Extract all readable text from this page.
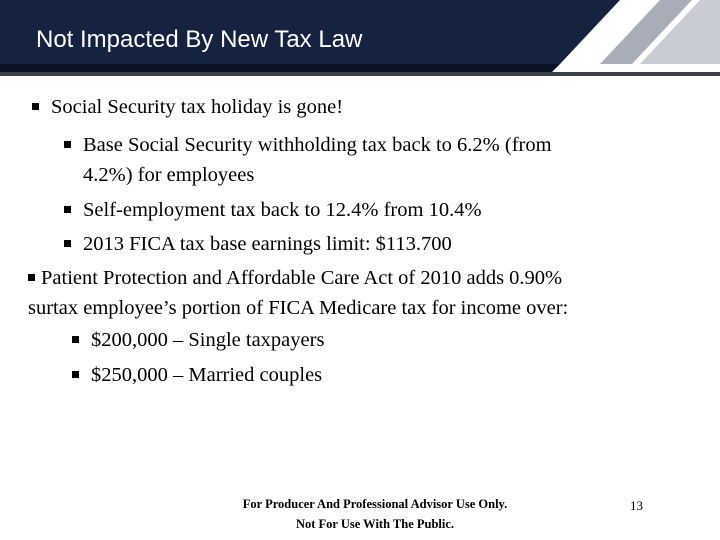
Not Impacted By New Tax Law
Social Security tax holiday is gone!
Base Social Security withholding tax back to 6.2% (from
4.2%) for employees
Self-employment tax back to 12.4% from 10.4%
2013 FICA tax base earnings limit: $113.700
Patient Protection and Affordable Care Act of 2010 adds 0.90%
surtax employee’s portion of FICA Medicare tax for income over:
$200,000 – Single taxpayers
$250,000 – Married couples
For Producer And Professional Advisor Use Only.
Not For Use With The Public.
13
